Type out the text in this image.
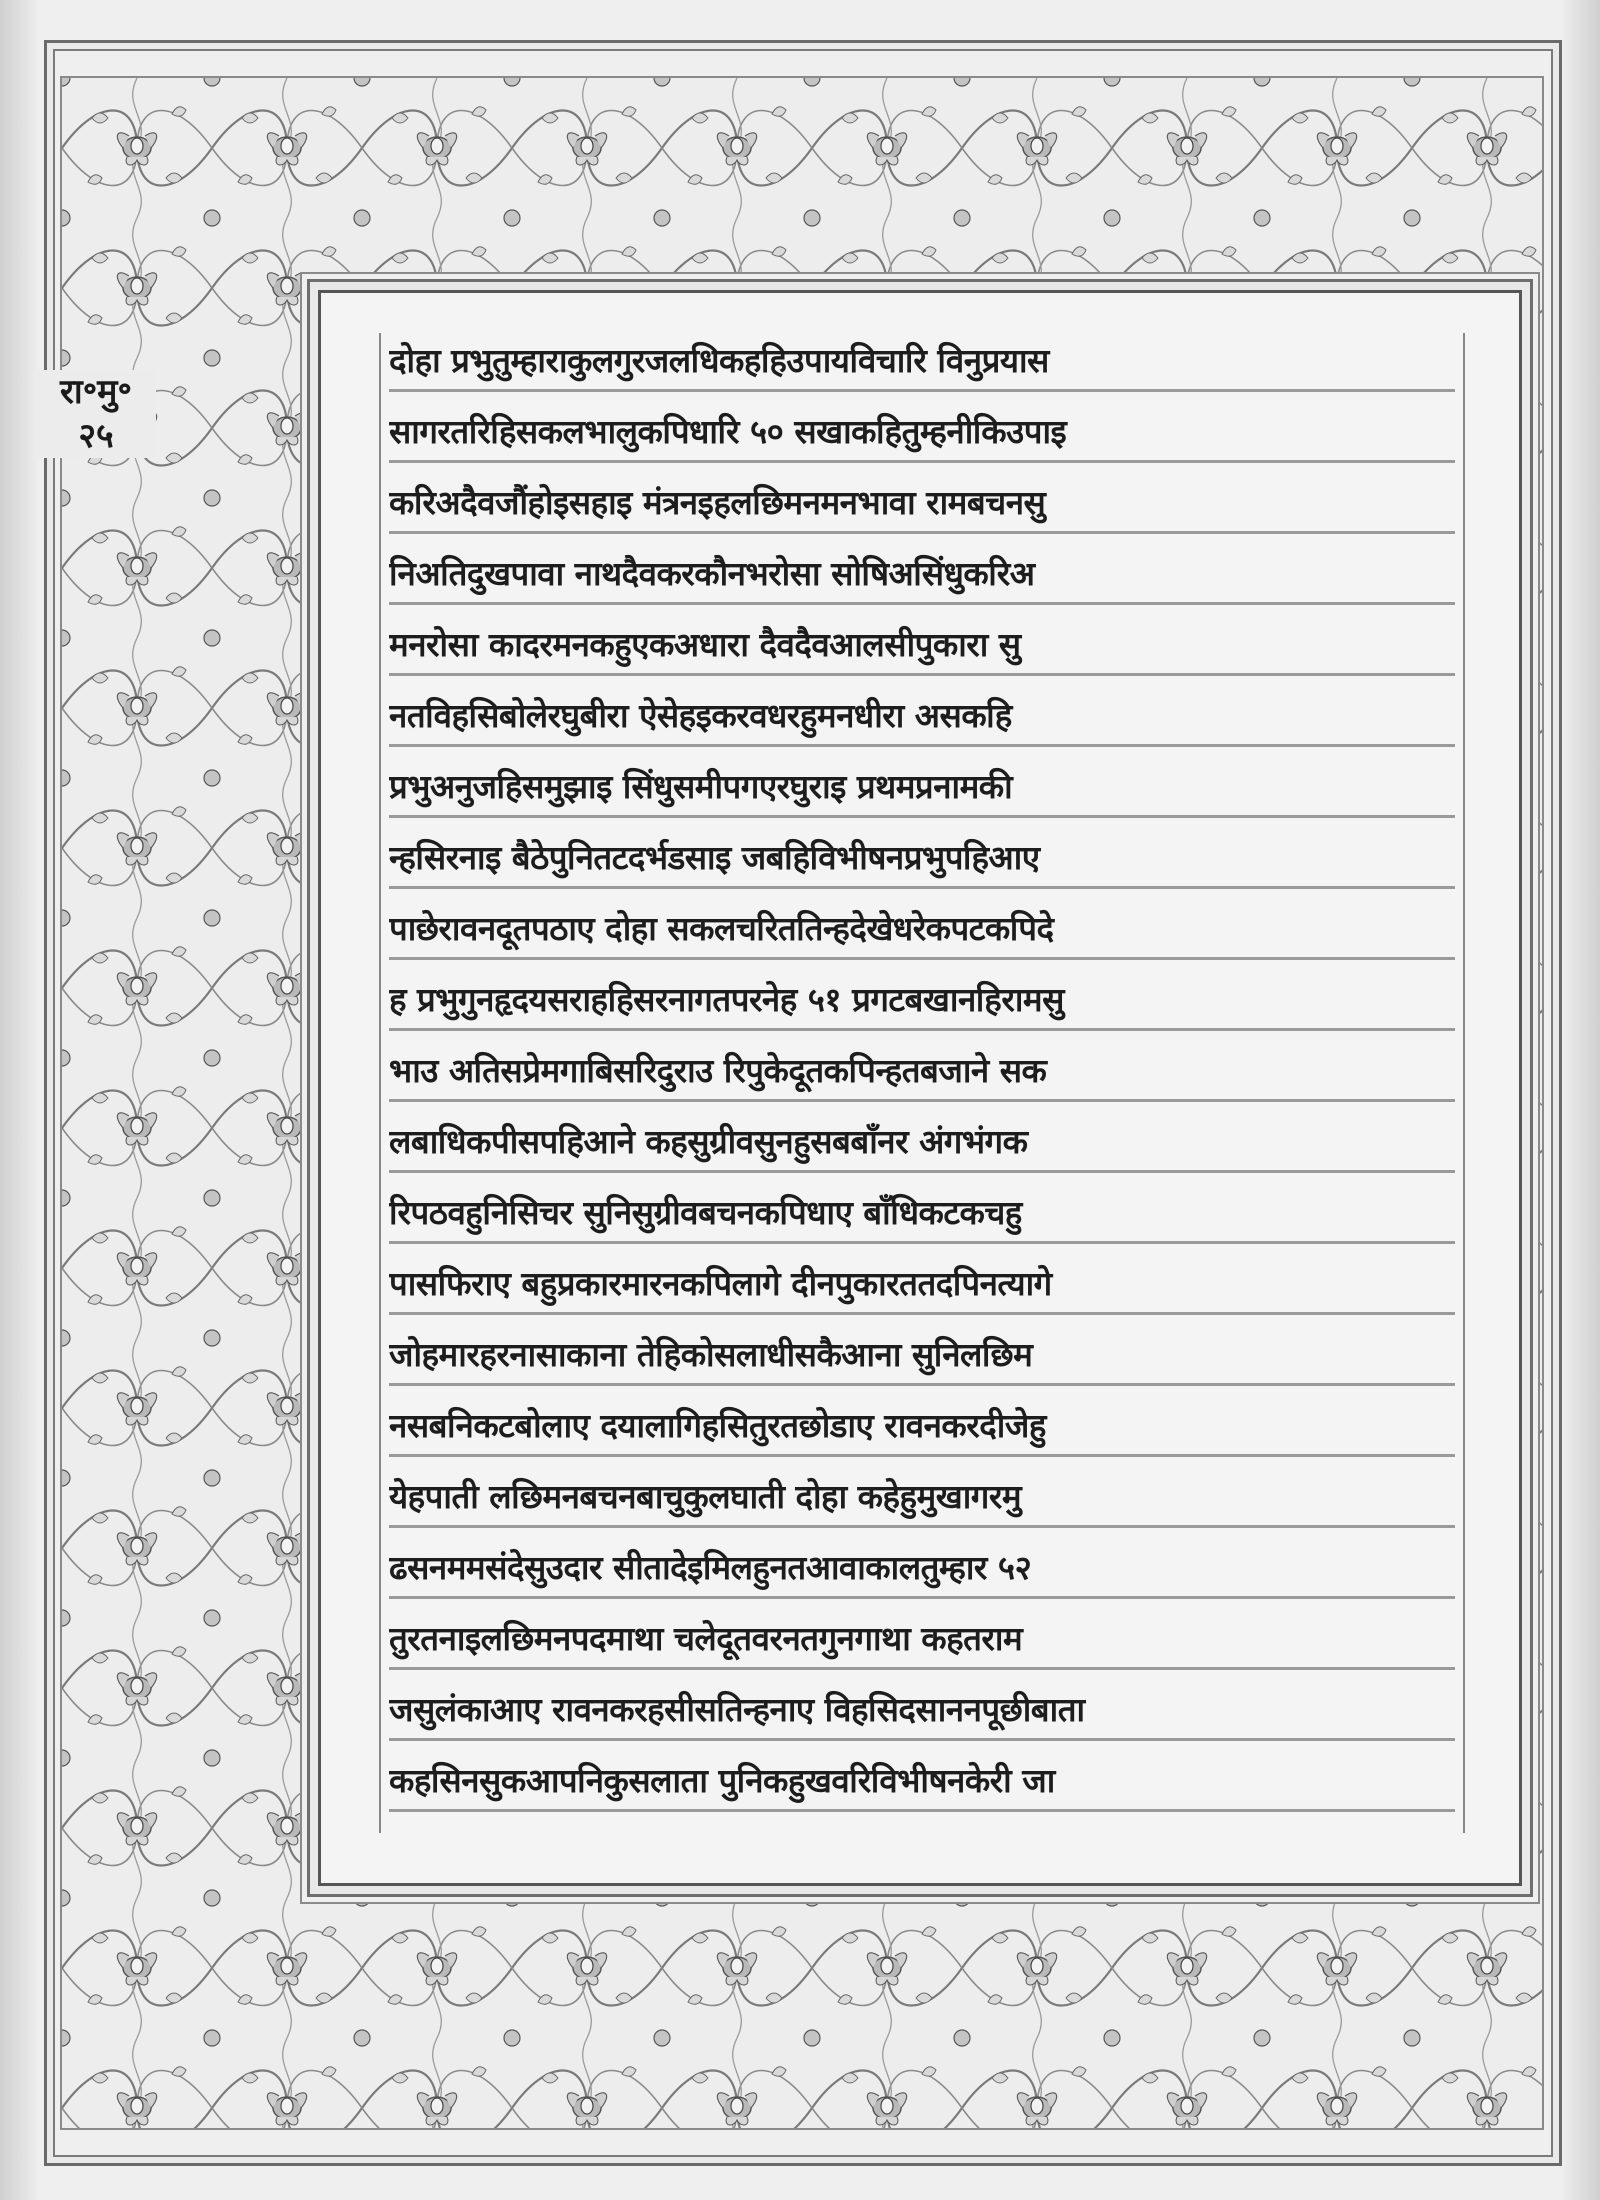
रा॰मु॰
२५
दोहा प्रभुतुम्हाराकुलगुरजलधिकहहिउपायविचारि विनुप्रयास
सागरतरिहिसकलभालुकपिधारि ५० सखाकहितुम्हनीकिउपाइ
करिअदैवजौंहोइसहाइ मंत्रनइहलछिमनमनभावा रामबचनसु
निअतिदुखपावा नाथदैवकरकौनभरोसा सोषिअसिंधुकरिअ
मनरोसा कादरमनकहुएकअधारा दैवदैवआलसीपुकारा सु
नतविहसिबोलेरघुबीरा ऐसेहइकरवधरहुमनधीरा असकहि
प्रभुअनुजहिसमुझाइ सिंधुसमीपगएरघुराइ प्रथमप्रनामकी
न्हसिरनाइ बैठेपुनितटदर्भडसाइ जबहिविभीषनप्रभुपहिआए
पाछेरावनदूतपठाए दोहा सकलचरिततिन्हदेखेधरेकपटकपिदे
ह प्रभुगुनहृदयसराहहिसरनागतपरनेह ५१ प्रगटबखानहिरामसु
भाउ अतिसप्रेमगाबिसरिदुराउ रिपुकेदूतकपिन्हतबजाने सक
लबाधिकपीसपहिआने कहसुग्रीवसुनहुसबबाँनर अंगभंगक
रिपठवहुनिसिचर सुनिसुग्रीवबचनकपिधाए बाँधिकटकचहु
पासफिराए बहुप्रकारमारनकपिलागे दीनपुकारततदपिनत्यागे
जोहमारहरनासाकाना तेहिकोसलाधीसकैआना सुनिलछिम
नसबनिकटबोलाए दयालागिहसितुरतछोडाए रावनकरदीजेहु
येहपाती लछिमनबचनबाचुकुलघाती दोहा कहेहुमुखागरमु
ढसनममसंदेसुउदार सीतादेइमिलहुनतआवाकालतुम्हार ५२
तुरतनाइलछिमनपदमाथा चलेदूतवरनतगुनगाथा कहतराम
जसुलंकाआए रावनकरहसीसतिन्हनाए विहसिदसाननपूछीबाता
कहसिनसुकआपनिकुसलाता पुनिकहुखवरिविभीषनकेरी जा
